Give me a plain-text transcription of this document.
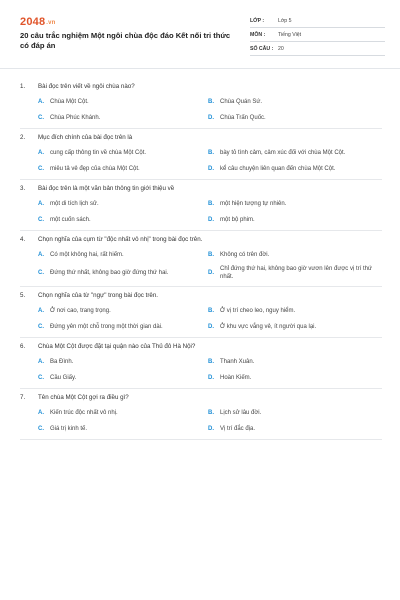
2048.vn
20 câu trắc nghiệm Một ngôi chùa độc đáo Kết nối tri thức có đáp án
LỚP :	Lớp 5
MÔN : Tiếng Việt
SỐ CÂU : 20
1.	Bài đọc trên viết về ngôi chùa nào?
A.	Chùa Một Cột.	B.	Chùa Quán Sứ.
C.	Chùa Phúc Khánh.	D.	Chùa Trấn Quốc.
2.	Mục đích chính của bài đọc trên là
A.	cung cấp thông tin về chùa Một Cột.	B.	bày tỏ tình cảm, cảm xúc đối với chùa Một Cột.
C.	miêu tả vẻ đẹp của chùa Một Cột.	D.	kể câu chuyện liên quan đến chùa Một Cột.
3.	Bài đọc trên là một văn bản thông tin giới thiệu về
A.	một di tích lịch sử.	B.	một hiện tượng tự nhiên.
C.	một cuốn sách.	D.	một bộ phim.
4.	Chọn nghĩa của cụm từ "độc nhất vô nhị" trong bài đọc trên.
A.	Có một không hai, rất hiếm.	B.	Không có trên đời.
C.	Đứng thứ nhất, không bao giờ đứng thứ hai.	D.
Chỉ đứng thứ hai, không bao giờ vươn lên được vị trí thứ nhất.
5.	Chọn nghĩa của từ "ngự" trong bài đọc trên.
A.	Ở nơi cao, trang trọng.	B.	Ở vị trí cheo leo, nguy hiểm.
C.	Đứng yên một chỗ trong một thời gian dài.	D.	Ở khu vực vắng vẻ, ít người qua lại.
6.	Chùa Một Cột được đặt tại quận nào của Thủ đô Hà Nội?
A.	Ba Đình.	B.	Thanh Xuân.
C.	Cầu Giấy.	D.	Hoàn Kiếm.
7.	Tên chùa Một Cột gợi ra điều gì?
A.	Kiến trúc độc nhất vô nhị.	B.	Lịch sử lâu đời.
C.	Giá trị kinh tế.	D.	Vị trí đắc địa.
